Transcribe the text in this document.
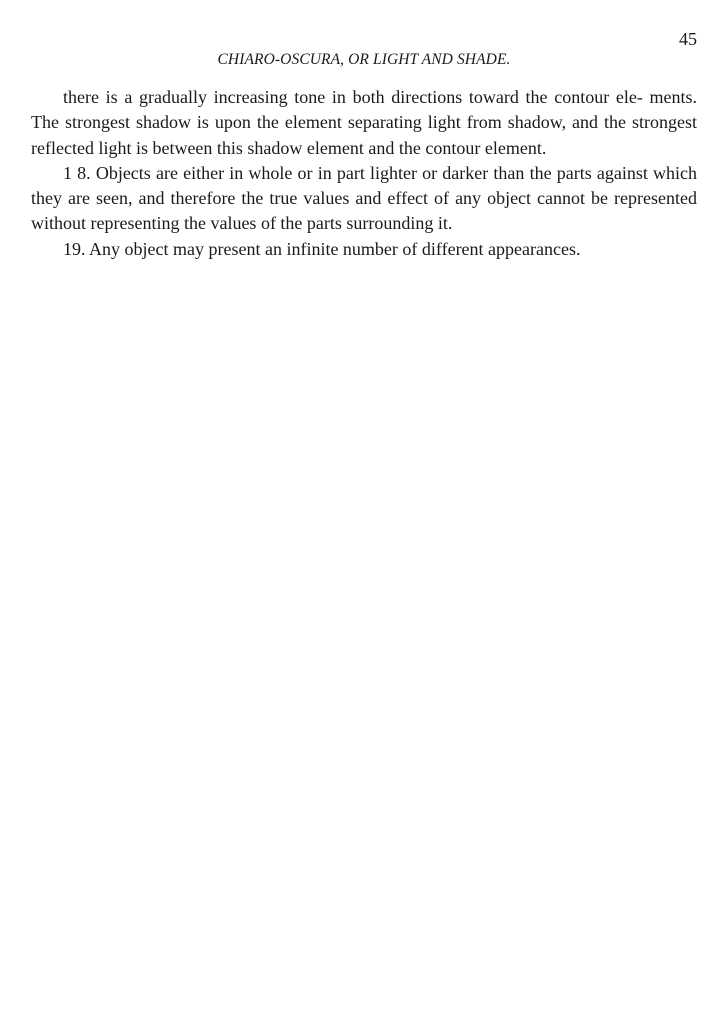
45
CHIARO-OSCURA, OR LIGHT AND SHADE.

there is a gradually increasing tone in both directions toward the contour ele- ments. The strongest shadow is upon the element separating light from shadow, and the strongest reflected light is between this shadow element and the contour element.

1 8. Objects are either in whole or in part lighter or darker than the parts against which they are seen, and therefore the true values and effect of any object cannot be represented without representing the values of the parts surrounding it.

19. Any object may present an infinite number of different appearances.
